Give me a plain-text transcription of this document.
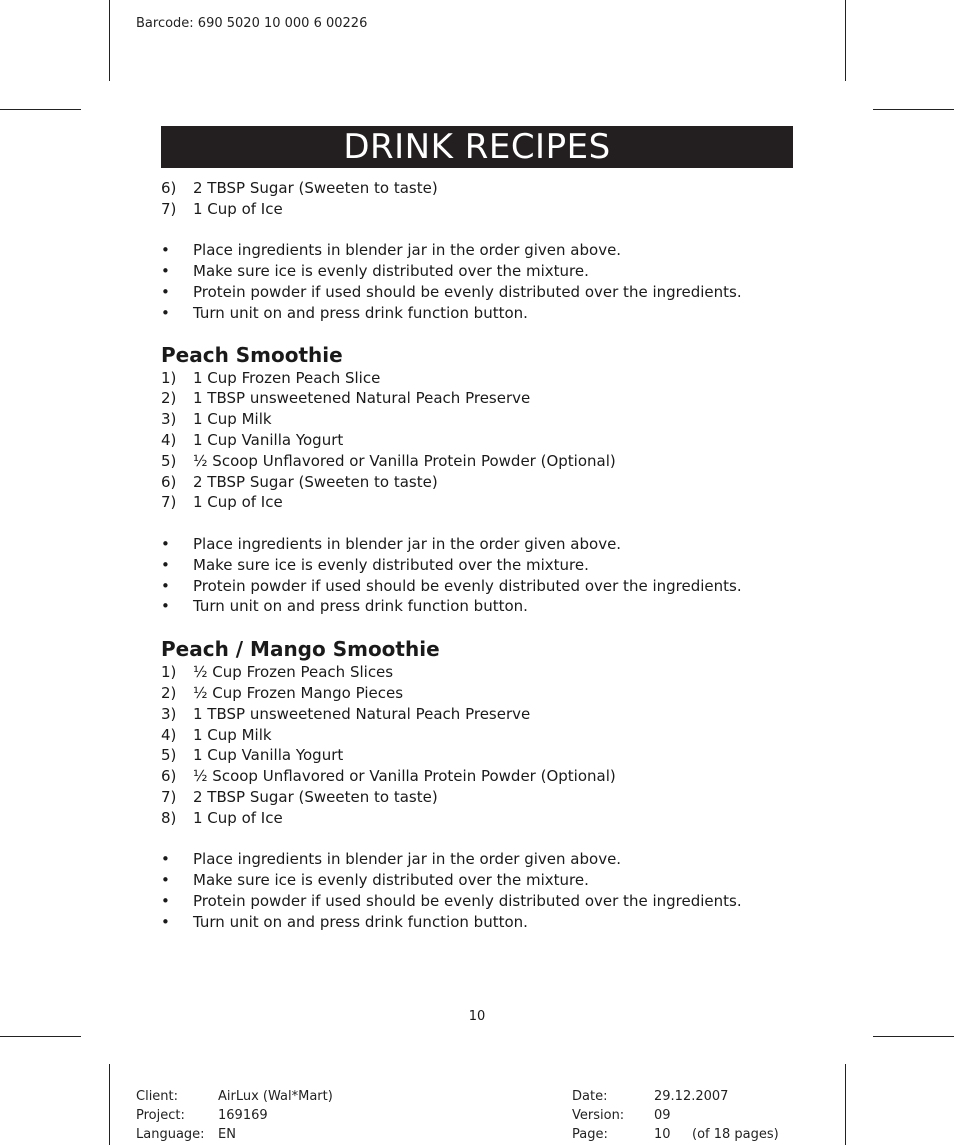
Barcode: 690 5020 10 000 6 00226
DRINK RECIPES
6)	2 TBSP Sugar (Sweeten to taste)
7)	1 Cup of Ice
•	Place ingredients in blender jar in the order given above.
•	Make sure ice is evenly distributed over the mixture.
•	Protein powder if used should be evenly distributed over the ingredients.
•	Turn unit on and press drink function button.
Peach Smoothie
1)	1 Cup Frozen Peach Slice
2)	1 TBSP unsweetened Natural Peach Preserve
3)	1 Cup Milk
4)	1 Cup Vanilla Yogurt
5)	½ Scoop Unflavored or Vanilla Protein Powder (Optional)
6)	2 TBSP Sugar (Sweeten to taste)
7)	1 Cup of Ice
•	Place ingredients in blender jar in the order given above.
•	Make sure ice is evenly distributed over the mixture.
•	Protein powder if used should be evenly distributed over the ingredients.
•	Turn unit on and press drink function button.
Peach / Mango Smoothie
1)	½ Cup Frozen Peach Slices
2)	½ Cup Frozen Mango Pieces
3)	1 TBSP unsweetened Natural Peach Preserve
4)	1 Cup Milk
5)	1 Cup Vanilla Yogurt
6)	½ Scoop Unflavored or Vanilla Protein Powder (Optional)
7)	2 TBSP Sugar (Sweeten to taste)
8)	1 Cup of Ice
•	Place ingredients in blender jar in the order given above.
•	Make sure ice is evenly distributed over the mixture.
•	Protein powder if used should be evenly distributed over the ingredients.
•	Turn unit on and press drink function button.
10
Client:	AirLux (Wal*Mart)
Project:	169169
Language: EN
Date:	29.12.2007
Version: 09
Page:	10 (of 18 pages)
